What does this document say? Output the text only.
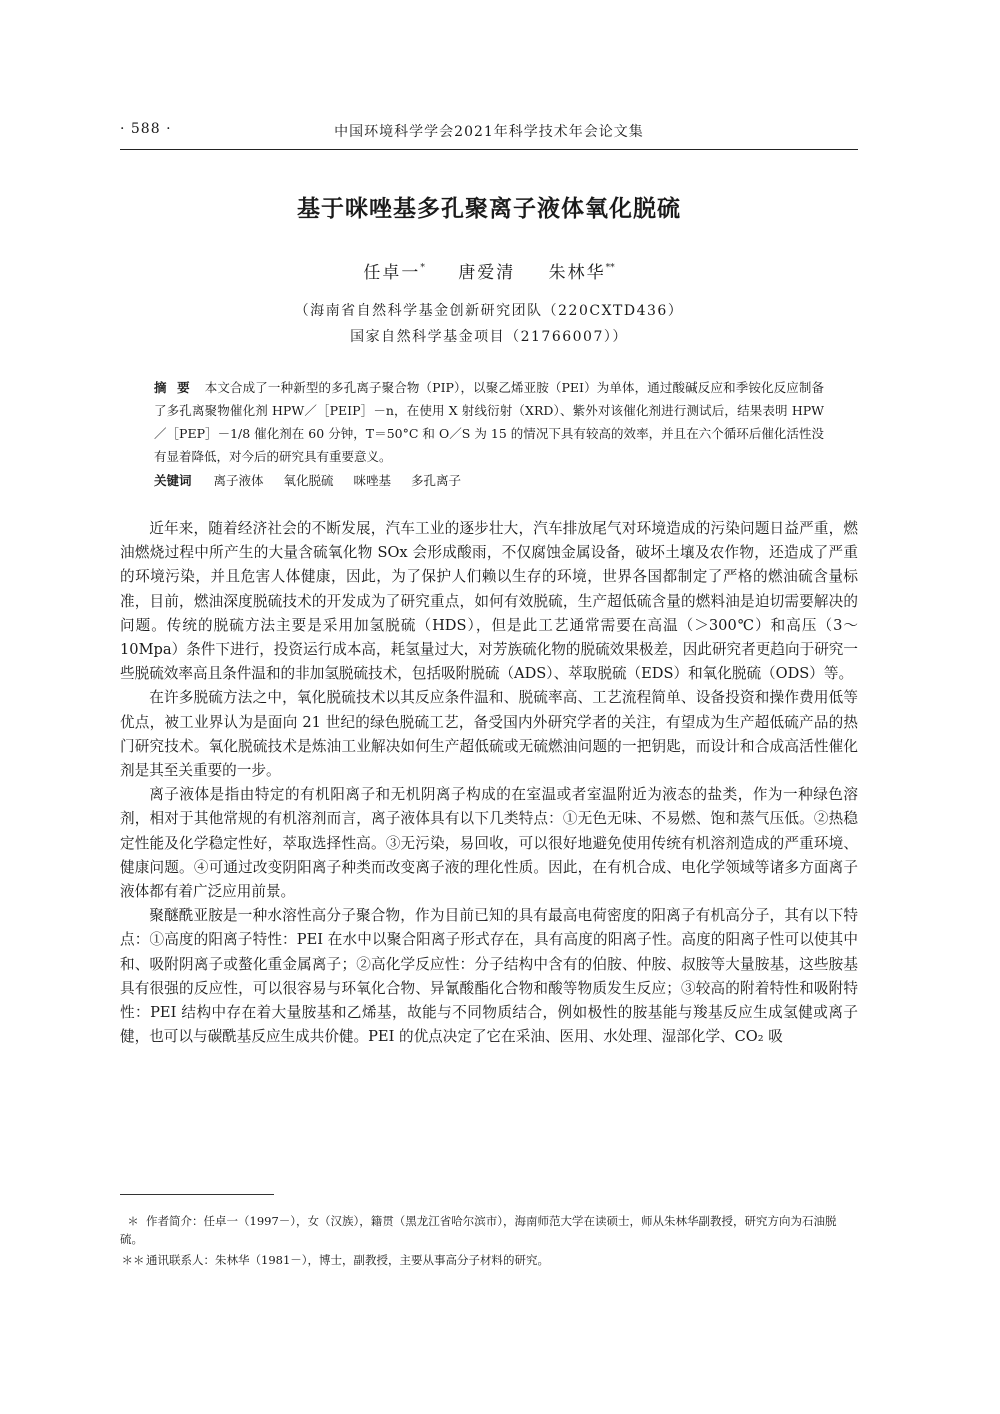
· 588 ·	中国环境科学学会2021年科学技术年会论文集
基于咪唑基多孔聚离子液体氧化脱硫
任卓一* 唐爱清 朱林华**
（海南省自然科学基金创新研究团队（220CXTD436）
国家自然科学基金项目（21766007））
摘 要 本文合成了一种新型的多孔离子聚合物（PIP），以聚乙烯亚胺（PEI）为单体，通过酸碱反应和季铵化反应制备了多孔离聚物催化剂 HPW／［PEIP］－n，在使用 X 射线衍射（XRD）、紫外对该催化剂进行测试后，结果表明 HPW／［PEP］－1/8 催化剂在 60 分钟，T＝50°C 和 O／S 为 15 的情况下具有较高的效率，并且在六个循环后催化活性没有显着降低，对今后的研究具有重要意义。
关键词 离子液体 氧化脱硫 咪唑基 多孔离子

近年来，随着经济社会的不断发展，汽车工业的逐步壮大，汽车排放尾气对环境造成的污染问题日益严重，燃油燃烧过程中所产生的大量含硫氧化物 SOx 会形成酸雨，不仅腐蚀金属设备，破坏土壤及农作物，还造成了严重的环境污染，并且危害人体健康，因此，为了保护人们赖以生存的环境，世界各国都制定了严格的燃油硫含量标准，目前，燃油深度脱硫技术的开发成为了研究重点，如何有效脱硫，生产超低硫含量的燃料油是迫切需要解决的问题。传统的脱硫方法主要是采用加氢脱硫（HDS），但是此工艺通常需要在高温（＞300℃）和高压（3～10Mpa）条件下进行，投资运行成本高，耗氢量过大，对芳族硫化物的脱硫效果极差，因此研究者更趋向于研究一些脱硫效率高且条件温和的非加氢脱硫技术，包括吸附脱硫（ADS）、萃取脱硫（EDS）和氧化脱硫（ODS）等。

在许多脱硫方法之中，氧化脱硫技术以其反应条件温和、脱硫率高、工艺流程简单、设备投资和操作费用低等优点，被工业界认为是面向 21 世纪的绿色脱硫工艺，备受国内外研究学者的关注，有望成为生产超低硫产品的热门研究技术。氧化脱硫技术是炼油工业解决如何生产超低硫或无硫燃油问题的一把钥匙，而设计和合成高活性催化剂是其至关重要的一步。

离子液体是指由特定的有机阳离子和无机阴离子构成的在室温或者室温附近为液态的盐类，作为一种绿色溶剂，相对于其他常规的有机溶剂而言，离子液体具有以下几类特点：①无色无味、不易燃、饱和蒸气压低。②热稳定性能及化学稳定性好，萃取选择性高。③无污染，易回收，可以很好地避免使用传统有机溶剂造成的严重环境、健康问题。④可通过改变阴阳离子种类而改变离子液的理化性质。因此，在有机合成、电化学领域等诸多方面离子液体都有着广泛应用前景。

聚醚酰亚胺是一种水溶性高分子聚合物，作为目前已知的具有最高电荷密度的阳离子有机高分子，其有以下特点：①高度的阳离子特性：PEI 在水中以聚合阳离子形式存在，具有高度的阳离子性。高度的阳离子性可以使其中和、吸附阴离子或螯化重金属离子；②高化学反应性：分子结构中含有的伯胺、仲胺、叔胺等大量胺基，这些胺基具有很强的反应性，可以很容易与环氧化合物、异氰酸酯化合物和酸等物质发生反应；③较高的附着特性和吸附特性：PEI 结构中存在着大量胺基和乙烯基，故能与不同物质结合，例如极性的胺基能与羧基反应生成氢健或离子健，也可以与碳酰基反应生成共价健。PEI 的优点决定了它在采油、医用、水处理、湿部化学、CO₂ 吸

＊ 作者简介：任卓一（1997－），女（汉族），籍贯（黑龙江省哈尔滨市），海南师范大学在读硕士，师从朱林华副教授，研究方向为石油脱硫。

＊＊ 通讯联系人：朱林华（1981－），博士，副教授，主要从事高分子材料的研究。
